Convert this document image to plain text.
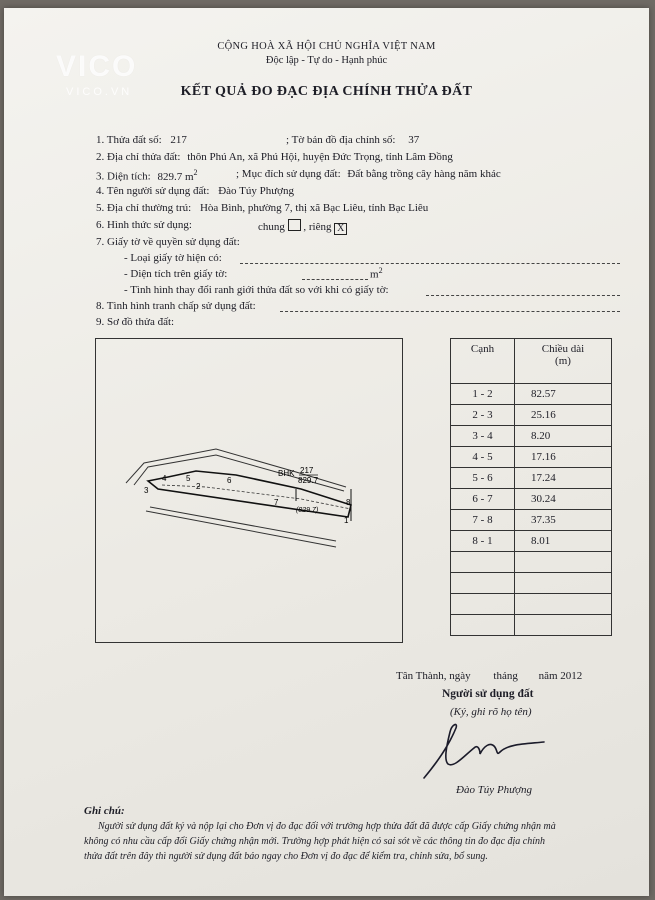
VICO
VICO.VN
CỘNG HOÀ XÃ HỘI CHỦ NGHĨA VIỆT NAM
Độc lập - Tự do - Hạnh phúc
KẾT QUẢ ĐO ĐẠC ĐỊA CHÍNH THỬA ĐẤT
1. Thửa đất số: 217	; Tờ bản đồ địa chính số: 37
2. Địa chỉ thửa đất: thôn Phú An, xã Phú Hội, huyện Đức Trọng, tỉnh Lâm Đồng
3. Diện tích: 829.7 $m^2$	; Mục đích sử dụng đất: Đất bằng trồng cây hàng năm khác
4. Tên người sử dụng đất: Đào Túy Phượng
5. Địa chỉ thường trú: Hòa Bình, phường 7, thị xã Bạc Liêu, tỉnh Bạc Liêu
6. Hình thức sử dụng:	chung , riêng X
7. Giấy tờ về quyền sử dụng đất:
- Loại giấy tờ hiện có:
- Diện tích trên giấy tờ:	$m^2$
- Tình hình thay đổi ranh giới thửa đất so với khi có giấy tờ:
8. Tình hình tranh chấp sử dụng đất:
9. Sơ đồ thửa đất:
1
2
3
4 5	6
7	8
BHK 217
829.7
(829.7)
Cạnh	Chiều dài
(m)
1 - 2	82.57
2 - 3	25.16
3 - 4	8.20
4 - 5	17.16
5 - 6	17.24
6 - 7	30.24
7 - 8	37.35
8 - 1	8.01

Tân Thành, ngày tháng năm 2012
Người sử dụng đất
(Ký, ghi rõ họ tên)
Đào Túy Phượng
Ghi chú:
Người sử dụng đất ký và nộp lại cho Đơn vị đo đạc đối với trường hợp thửa đất đã được cấp Giấy chứng nhận mà không có nhu cầu cấp đổi Giấy chứng nhận mới. Trường hợp phát hiện có sai sót về các thông tin đo đạc địa chính thửa đất trên đây thì người sử dụng đất báo ngay cho Đơn vị đo đạc để kiểm tra, chỉnh sửa, bổ sung.
